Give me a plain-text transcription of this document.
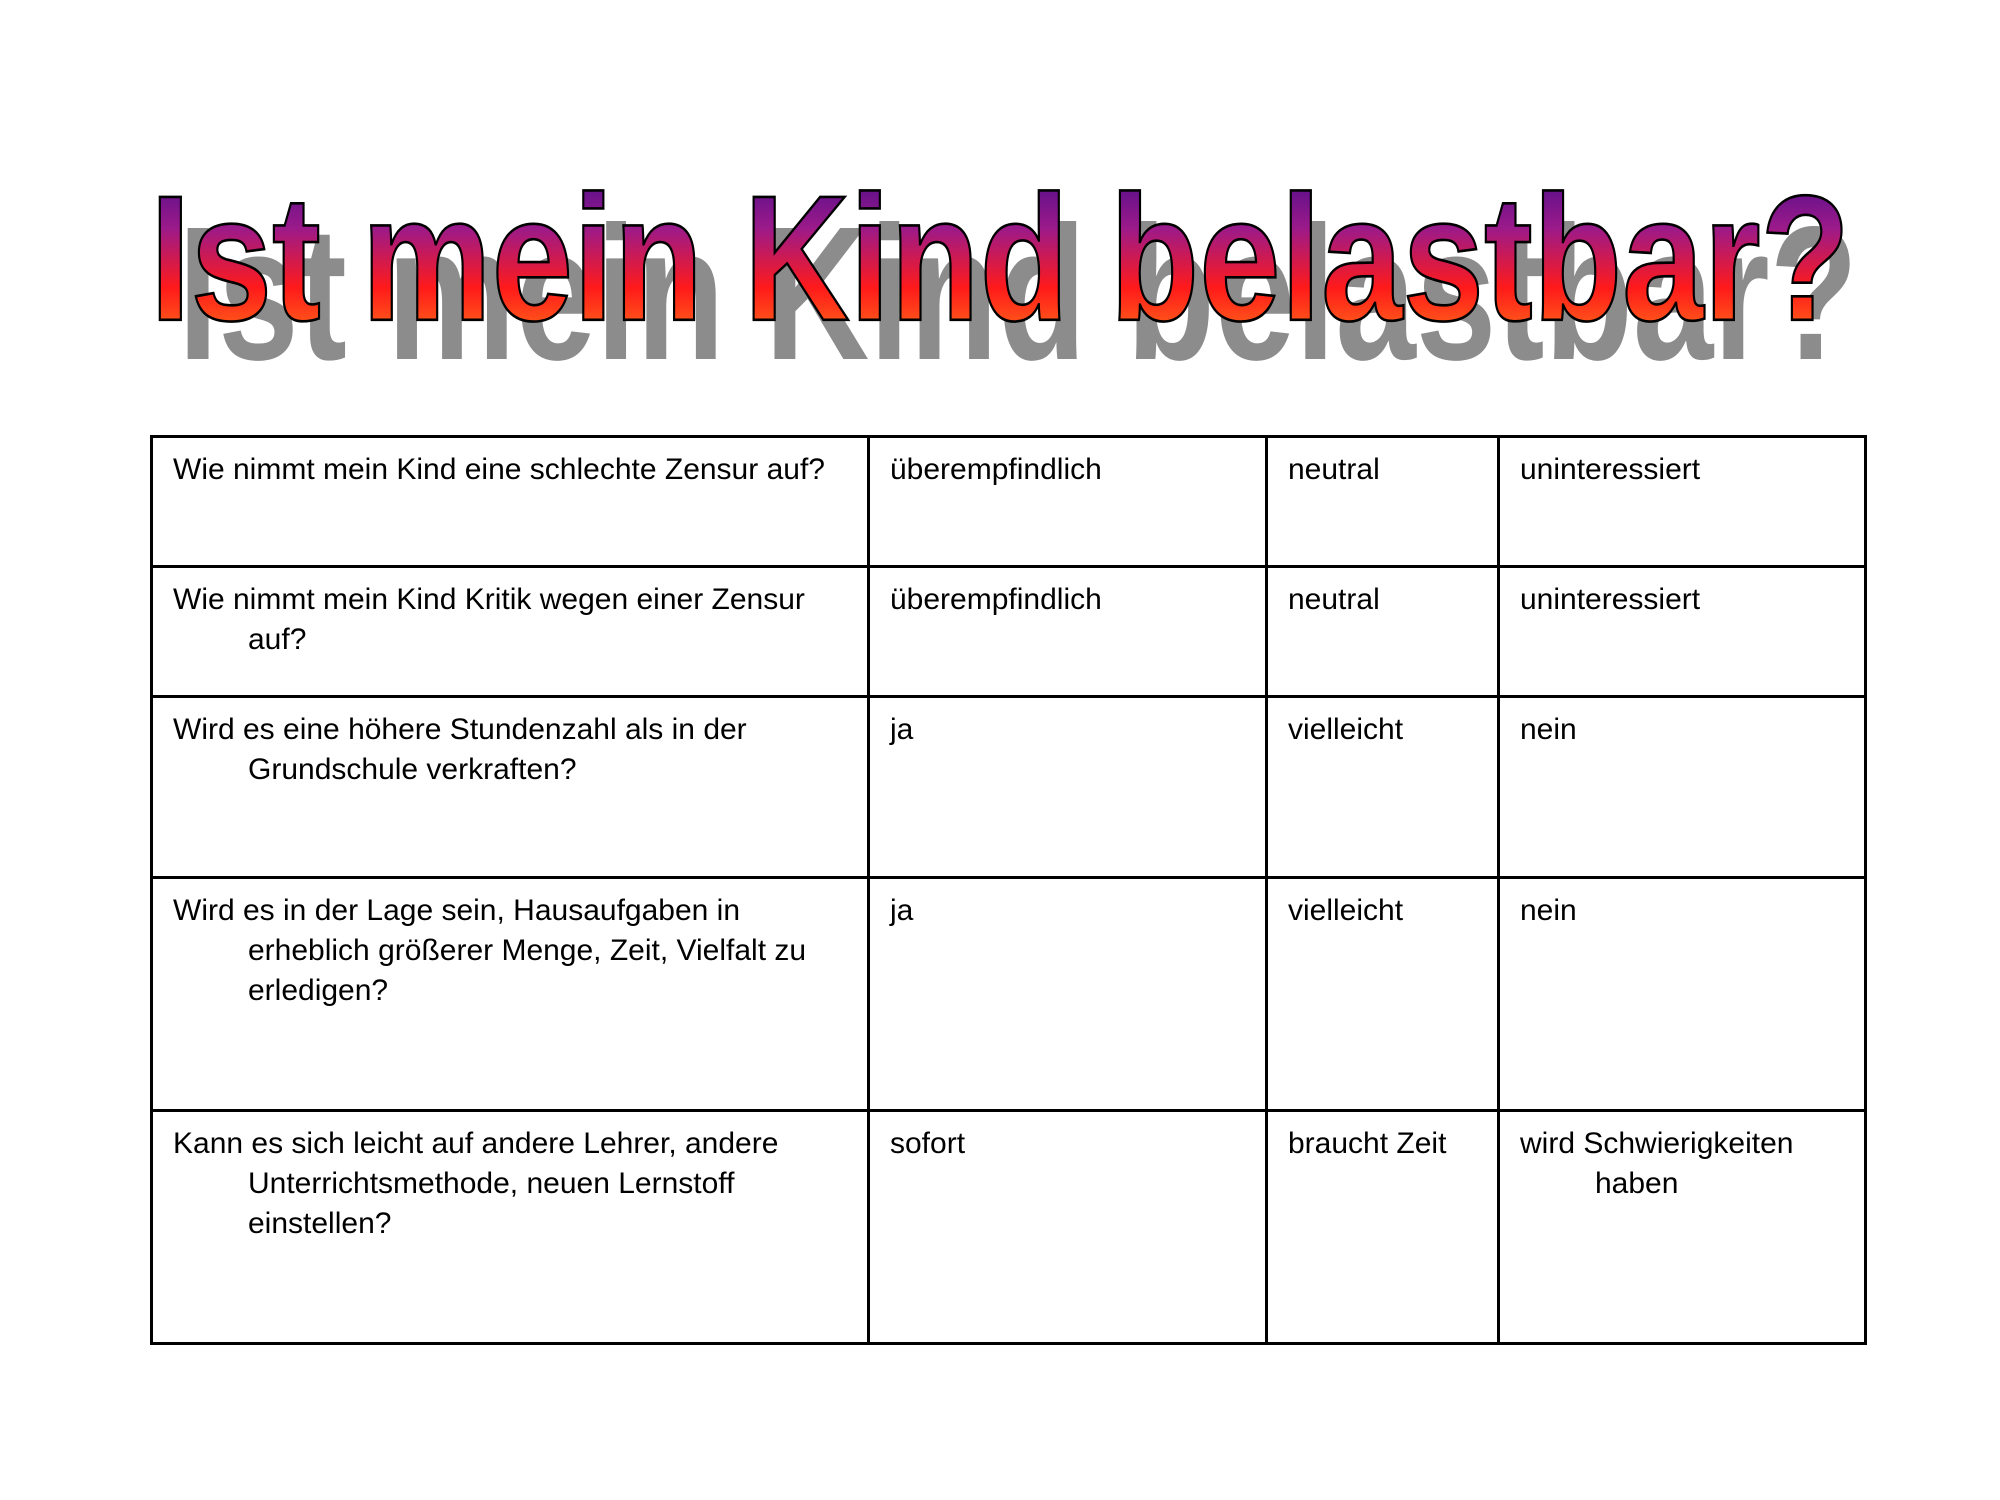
Ist mein Kind belastbar?
Ist mein Kind belastbar?
Wie nimmt mein Kind eine schlechte Zensur auf?	überempfindlich	neutral	uninteressiert

Wie nimmt mein Kind Kritik wegen einer Zensur auf?	überempfindlich	neutral	uninteressiert

Wird es eine höhere Stundenzahl als in der Grundschule verkraften?	ja	vielleicht	nein

Wird es in der Lage sein, Hausaufgaben in erheblich größerer Menge, Zeit, Vielfalt zu erledigen?	ja	vielleicht	nein

Kann es sich leicht auf andere Lehrer, andere Unterrichtsmethode, neuen Lernstoff einstellen?	sofort	braucht Zeit	wird Schwierigkeiten haben
